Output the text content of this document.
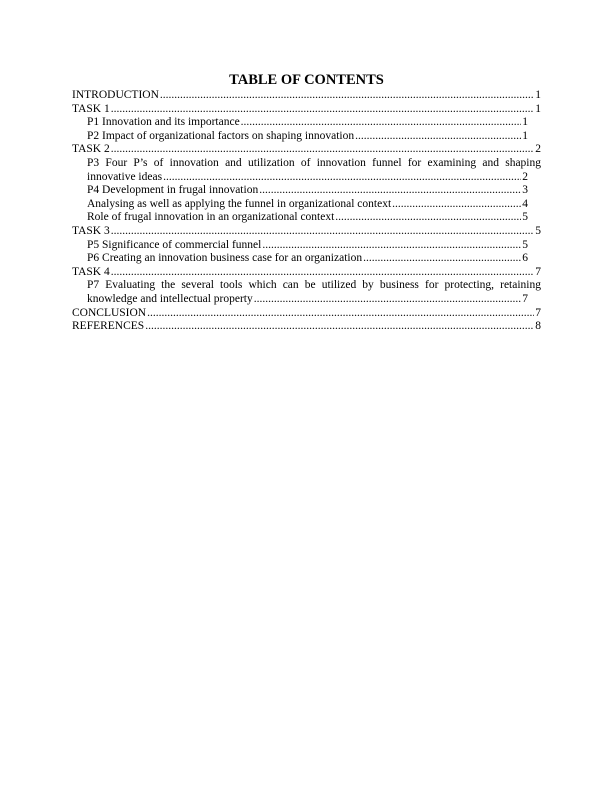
TABLE OF CONTENTS
INTRODUCTION .....	1
TASK 1 .....	1
P1 Innovation and its importance .....	1
P2 Impact of organizational factors on shaping innovation .....	1
TASK 2 .....	2
P3 Four P’s of innovation and utilization of innovation funnel for examining and shaping
innovative ideas .....	2
P4 Development in frugal innovation .....	3
Analysing as well as applying the funnel in organizational context .....	4
Role of frugal innovation in an organizational context .....	5
TASK 3 .....	5
P5 Significance of commercial funnel .....	5
P6 Creating an innovation business case for an organization .....	6
TASK 4 .....	7
P7 Evaluating the several tools which can be utilized by business for protecting, retaining
knowledge and intellectual property .....	7
CONCLUSION .....	7
REFERENCES .....	8
